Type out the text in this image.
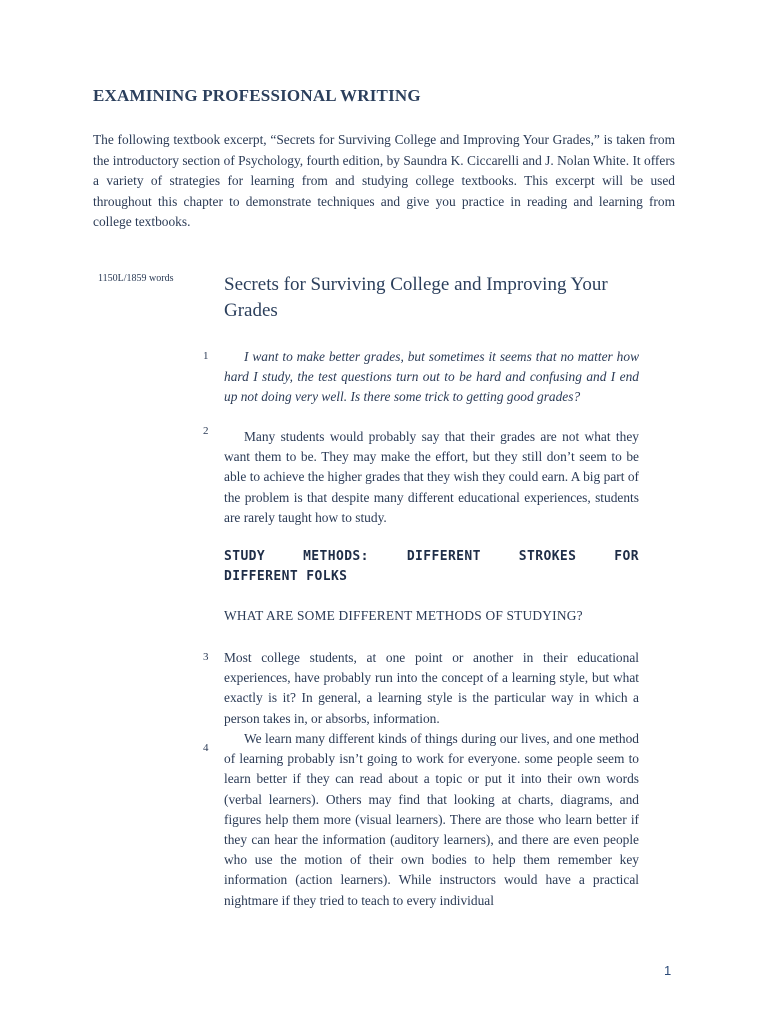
EXAMINING PROFESSIONAL WRITING

The following textbook excerpt, “Secrets for Surviving College and Improving Your Grades,” is taken from the introductory section of Psychology, fourth edition, by Saundra K. Ciccarelli and J. Nolan White. It offers a variety of strategies for learning from and studying college textbooks. This excerpt will be used throughout this chapter to demonstrate techniques and give you practice in reading and learning from college textbooks.

1150L/1859 words	Secrets for Surviving College and Improving Your Grades
1	I want to make better grades, but sometimes it seems that no matter how hard I study, the test questions turn out to be hard and confusing and I end up not doing very well. Is there some trick to getting good grades?

2	Many students would probably say that their grades are not what they want them to be. They may make the effort, but they still don’t seem to be able to achieve the higher grades that they wish they could earn. A big part of the problem is that despite many different educational experiences, students are rarely taught how to study.

STUDY METHODS: DIFFERENT STROKES FOR
DIFFERENT FOLKS
WHAT ARE SOME DIFFERENT METHODS OF STUDYING?
3 Most college students, at one point or another in their educational experiences, have probably run into the concept of a learning style, but what exactly is it? In general, a learning style is the particular way in which a person takes in, or absorbs, information.

4

We learn many different kinds of things during our lives, and one method of learning probably isn’t going to work for everyone. some people seem to learn better if they can read about a topic or put it into their own words (verbal learners). Others may find that looking at charts, diagrams, and figures help them more (visual learners). There are those who learn better if they can hear the information (auditory learners), and there are even people who use the motion of their own bodies to help them remember key information (action learners). While instructors would have a practical nightmare if they tried to teach to every individual

1
